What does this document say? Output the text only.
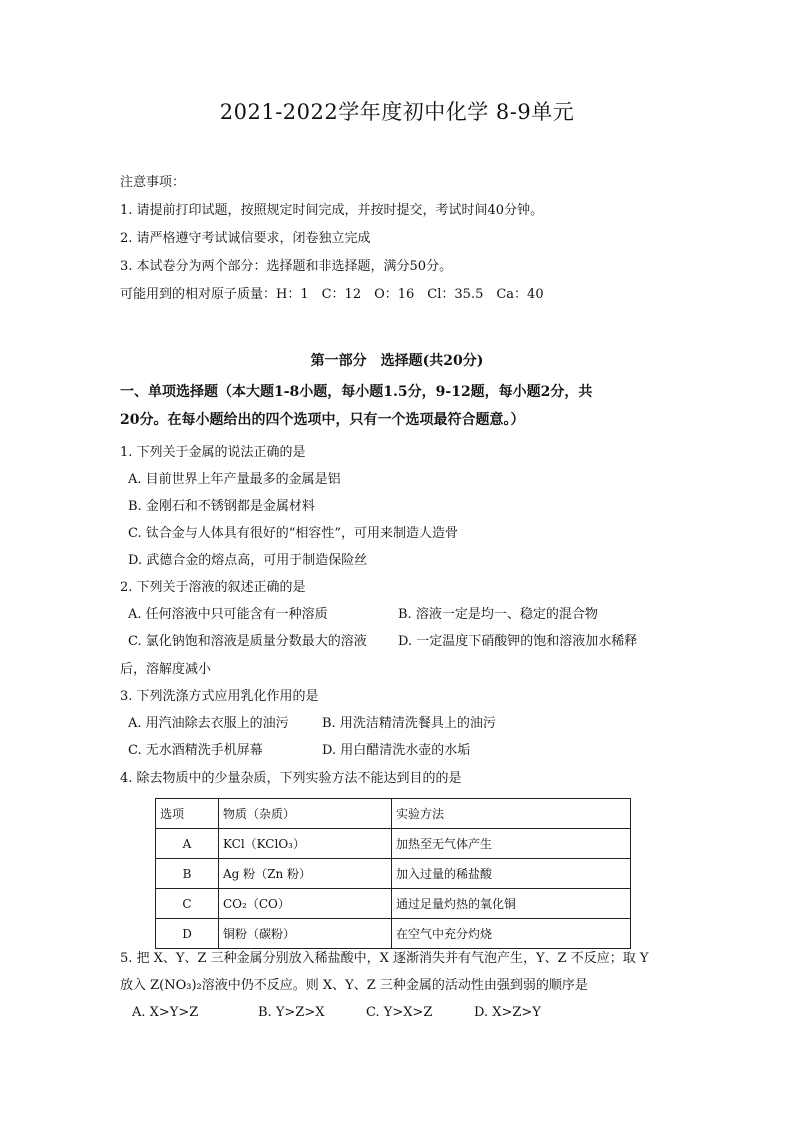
2021-2022学年度初中化学 8-9单元
注意事项：
1. 请提前打印试题，按照规定时间完成，并按时提交，考试时间40分钟。
2. 请严格遵守考试诚信要求，闭卷独立完成
3. 本试卷分为两个部分：选择题和非选择题，满分50分。
可能用到的相对原子质量：H：1　C：12　O：16　Cl：35.5　Ca：40
第一部分　选择题(共20分)
一、单项选择题（本大题1-8小题，每小题1.5分，9-12题，每小题2分，共
20分。在每小题给出的四个选项中，只有一个选项最符合题意。）
1. 下列关于金属的说法正确的是
A. 目前世界上年产量最多的金属是铝
B. 金刚石和不锈钢都是金属材料
C. 钛合金与人体具有很好的“相容性”，可用来制造人造骨
D. 武德合金的熔点高，可用于制造保险丝
2. 下列关于溶液的叙述正确的是
A. 任何溶液中只可能含有一种溶质	B. 溶液一定是均一、稳定的混合物
C. 氯化钠饱和溶液是质量分数最大的溶液 D. 一定温度下硝酸钾的饱和溶液加水稀释
后，溶解度减小
3. 下列洗涤方式应用乳化作用的是
A. 用汽油除去衣服上的油污	B. 用洗洁精清洗餐具上的油污
C. 无水酒精洗手机屏幕	D. 用白醋清洗水壶的水垢
4. 除去物质中的少量杂质，下列实验方法不能达到目的的是
选项	物质（杂质）	实验方法
A	KCl（KClO₃）	加热至无气体产生
B	Ag 粉（Zn 粉）	加入过量的稀盐酸
C	CO₂（CO）	通过足量灼热的氧化铜
D	铜粉（碳粉）	在空气中充分灼烧
5. 把 X、Y、Z 三种金属分别放入稀盐酸中，X 逐渐消失并有气泡产生，Y、Z 不反应；取 Y
放入 Z(NO₃)₂溶液中仍不反应。则 X、Y、Z 三种金属的活动性由强到弱的顺序是
A. X>Y>Z	B. Y>Z>X	C. Y>X>Z	D. X>Z>Y
